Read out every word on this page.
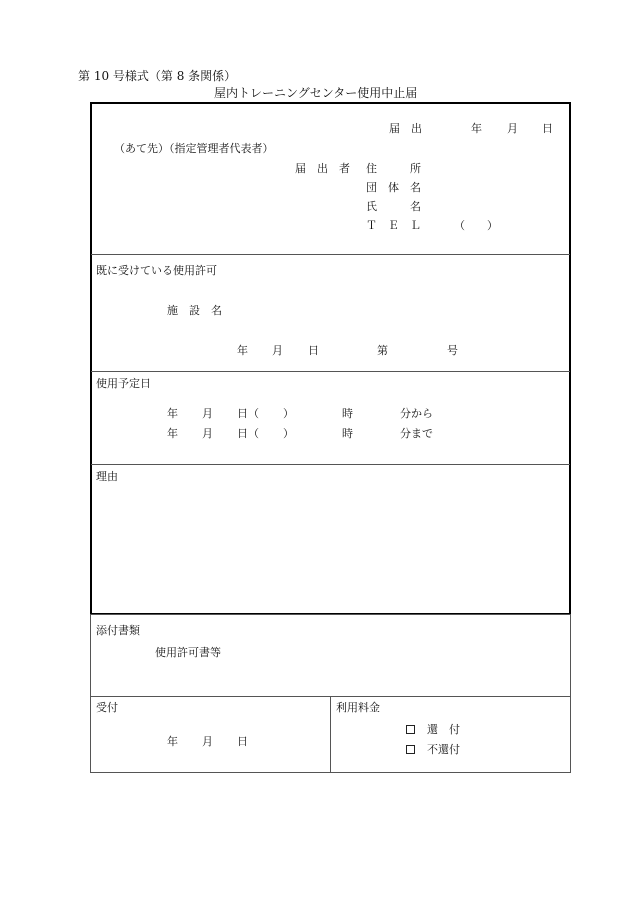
第 10 号様式（第 8 条関係）
屋内トレーニングセンター使用中止届
届　出	年 月 日
（あて先）（指定管理者代表者）
届　出　者 住　　　所
団　体　名
氏　　　名
Ｔ　Ｅ　Ｌ	（　　）
既に受けている使用許可
施　設　名
年 月 日	第	号
使用予定日
年 月 日（ ）	時	分から
年 月 日（ ）	時	分まで
理由
添付書類
使用許可書等
受付
年 月 日
利用料金
還　付
不還付
